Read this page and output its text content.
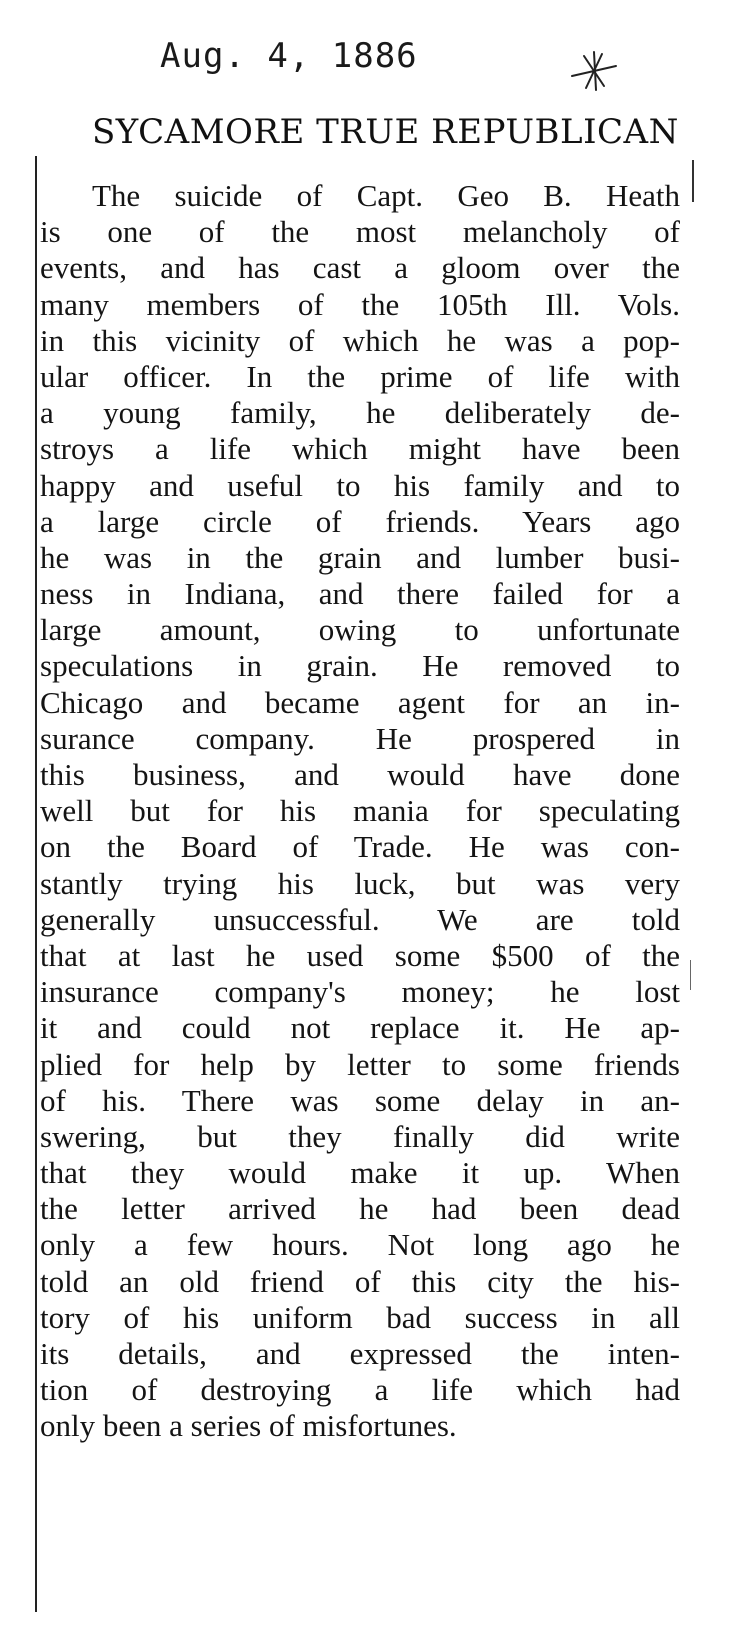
Aug. 4, 1886
SYCAMORE TRUE REPUBLICAN
The suicide of Capt. Geo B. Heath
is one of the most melancholy of
events, and has cast a gloom over the
many members of the 105th Ill. Vols.
in this vicinity of which he was a pop-
ular officer. In the prime of life with
a young family, he deliberately de-
stroys a life which might have been
happy and useful to his family and to
a large circle of friends. Years ago
he was in the grain and lumber busi-
ness in Indiana, and there failed for a
large amount, owing to unfortunate
speculations in grain. He removed to
Chicago and became agent for an in-
surance company. He prospered in
this business, and would have done
well but for his mania for speculating
on the Board of Trade. He was con-
stantly trying his luck, but was very
generally unsuccessful. We are told
that at last he used some $500 of the
insurance company's money; he lost
it and could not replace it. He ap-
plied for help by letter to some friends
of his. There was some delay in an-
swering, but they finally did write
that they would make it up. When
the letter arrived he had been dead
only a few hours. Not long ago he
told an old friend of this city the his-
tory of his uniform bad success in all
its details, and expressed the inten-
tion of destroying a life which had
only been a series of misfortunes.
